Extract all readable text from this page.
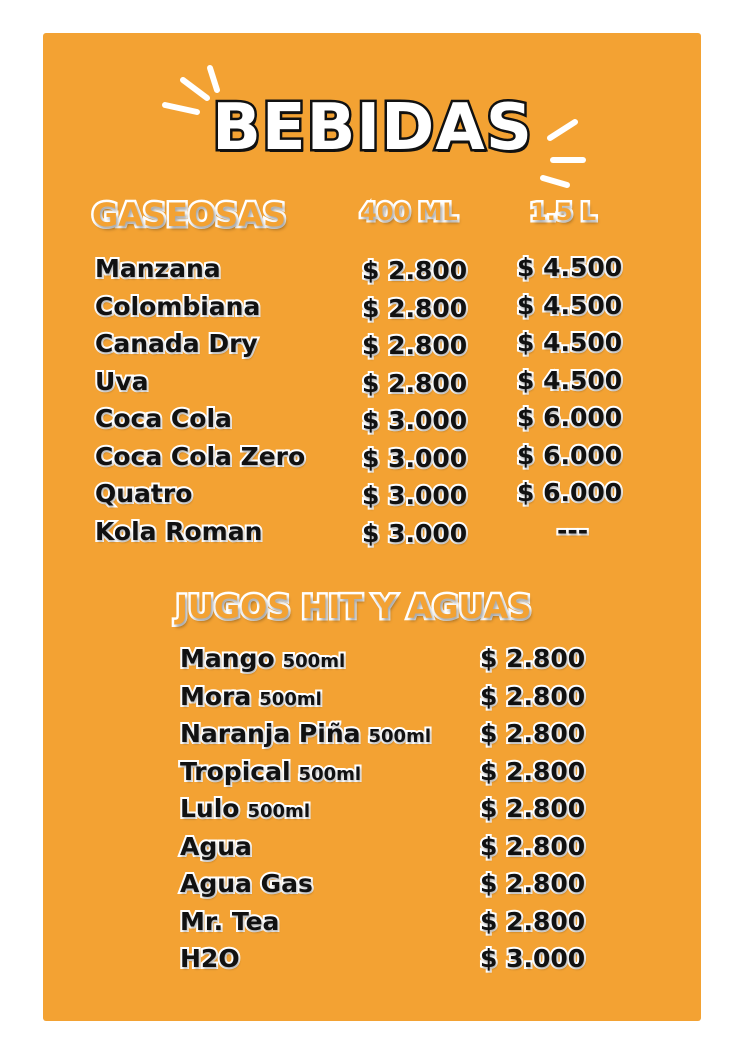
BEBIDAS
GASEOSAS	400 ML	1.5 L
Manzana	$ 2.800 $ 4.500
Colombiana	$ 2.800 $ 4.500
Canada Dry	$ 2.800 $ 4.500
Uva	$ 2.800 $ 4.500
Coca Cola	$ 3.000 $ 6.000
Coca Cola Zero $ 3.000 $ 6.000
Quatro	$ 3.000 $ 6.000
Kola Roman	$ 3.000	---
JUGOS HIT Y AGUAS
Mango 500ml	$ 2.800
Mora 500ml	$ 2.800
Naranja Piña 500ml $ 2.800
Tropical 500ml	$ 2.800
Lulo 500ml	$ 2.800
Agua	$ 2.800
Agua Gas	$ 2.800
Mr. Tea	$ 2.800
H2O	$ 3.000
